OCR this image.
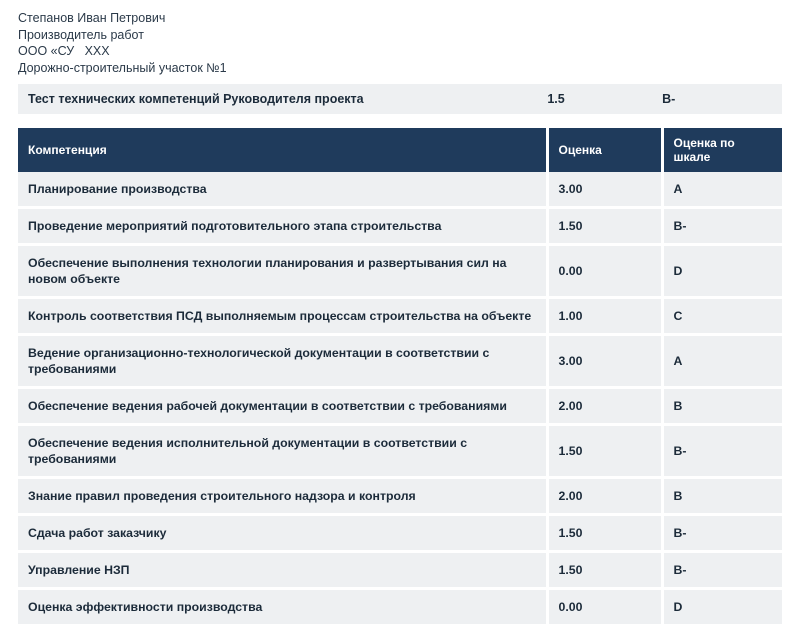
Степанов Иван Петрович
Производитель работ
ООО «СУ   XXX
Дорожно-строительный участок №1
Тест технических компетенций Руководителя проекта	1.5	B-
Компетенция	Оценка	Оценка по шкале
Планирование производства	3.00	A
Проведение мероприятий подготовительного этапа строительства	1.50	B-
Обеспечение выполнения технологии планирования и развертывания сил на новом объекте	0.00	D
Контроль соответствия ПСД выполняемым процессам строительства на объекте	1.00	C
Ведение организационно-технологической документации в соответствии с требованиями	3.00	A
Обеспечение ведения рабочей документации в соответствии с требованиями	2.00	B
Обеспечение ведения исполнительной документации в соответствии с требованиями	1.50	B-
Знание правил проведения строительного надзора и контроля	2.00	B
Сдача работ заказчику	1.50	B-
Управление НЗП	1.50	B-
Оценка эффективности производства	0.00	D
